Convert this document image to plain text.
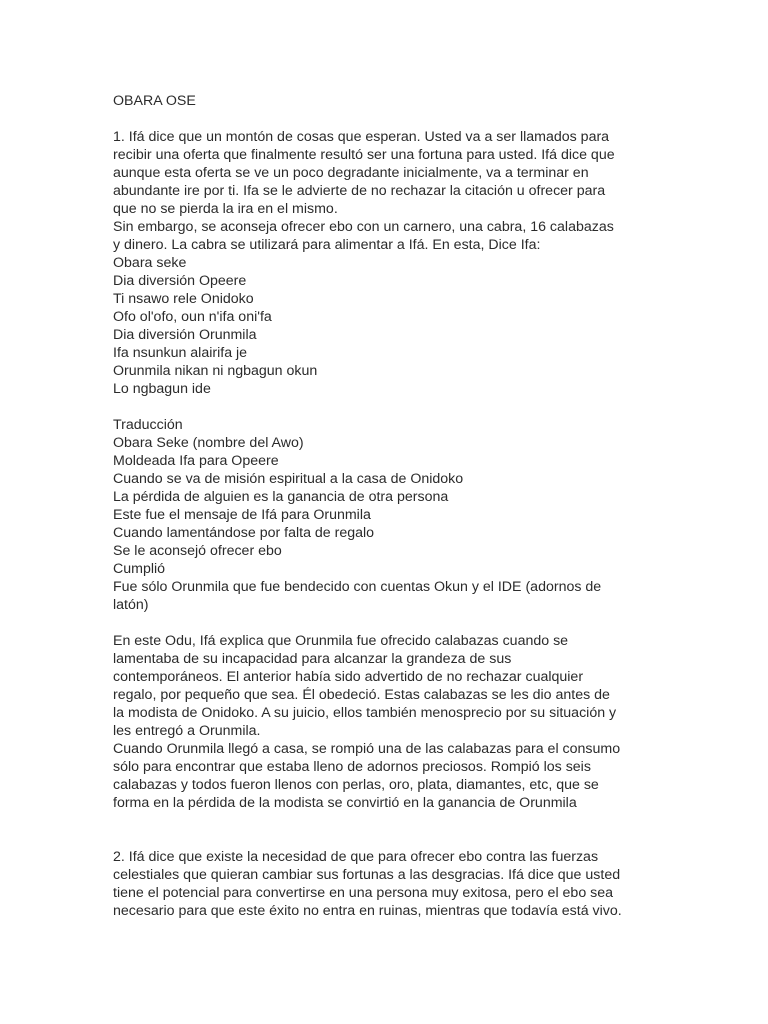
OBARA OSE
1. Ifá dice que un montón de cosas que esperan. Usted va a ser llamados para
recibir una oferta que finalmente resultó ser una fortuna para usted. Ifá dice que
aunque esta oferta se ve un poco degradante inicialmente, va a terminar en
abundante ire por ti. Ifa se le advierte de no rechazar la citación u ofrecer para
que no se pierda la ira en el mismo.
Sin embargo, se aconseja ofrecer ebo con un carnero, una cabra, 16 calabazas
y dinero. La cabra se utilizará para alimentar a Ifá. En esta, Dice Ifa:
Obara seke
Dia diversión Opeere
Ti nsawo rele Onidoko
Ofo ol'ofo, oun n'ifa oni'fa
Dia diversión Orunmila
Ifa nsunkun alairifa je
Orunmila nikan ni ngbagun okun
Lo ngbagun ide
Traducción
Obara Seke (nombre del Awo)
Moldeada Ifa para Opeere
Cuando se va de misión espiritual a la casa de Onidoko
La pérdida de alguien es la ganancia de otra persona
Este fue el mensaje de Ifá para Orunmila
Cuando lamentándose por falta de regalo
Se le aconsejó ofrecer ebo
Cumplió
Fue sólo Orunmila que fue bendecido con cuentas Okun y el IDE (adornos de
latón)
En este Odu, Ifá explica que Orunmila fue ofrecido calabazas cuando se
lamentaba de su incapacidad para alcanzar la grandeza de sus
contemporáneos. El anterior había sido advertido de no rechazar cualquier
regalo, por pequeño que sea. Él obedeció. Estas calabazas se les dio antes de
la modista de Onidoko. A su juicio, ellos también menosprecio por su situación y
les entregó a Orunmila.
Cuando Orunmila llegó a casa, se rompió una de las calabazas para el consumo
sólo para encontrar que estaba lleno de adornos preciosos. Rompió los seis
calabazas y todos fueron llenos con perlas, oro, plata, diamantes, etc, que se
forma en la pérdida de la modista se convirtió en la ganancia de Orunmila
2. Ifá dice que existe la necesidad de que para ofrecer ebo contra las fuerzas
celestiales que quieran cambiar sus fortunas a las desgracias. Ifá dice que usted
tiene el potencial para convertirse en una persona muy exitosa, pero el ebo sea
necesario para que este éxito no entra en ruinas, mientras que todavía está vivo.
